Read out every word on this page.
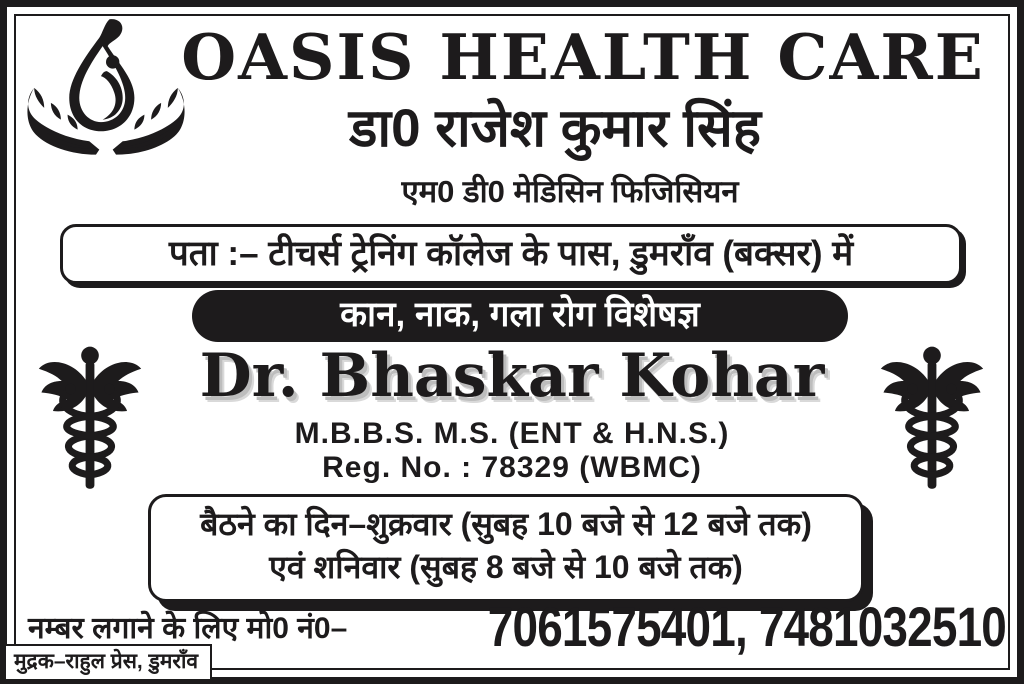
OASIS HEALTH CARE
डा0 राजेश कुमार सिंह
एम0 डी0 मेडिसिन फिजिसियन
पता :– टीचर्स ट्रेनिंग कॉलेज के पास, डुमराँव (बक्सर) में
कान, नाक, गला रोग विशेषज्ञ
Dr. Bhaskar Kohar
M.B.B.S. M.S. (ENT & H.N.S.)
Reg. No. : 78329 (WBMC)
बैठने का दिन–शुक्रवार (सुबह 10 बजे से 12 बजे तक)
एवं शनिवार (सुबह 8 बजे से 10 बजे तक)
नम्बर लगाने के लिए मो0 नं0–	7061575401, 7481032510
मुद्रक–राहुल प्रेस, डुमराँव
